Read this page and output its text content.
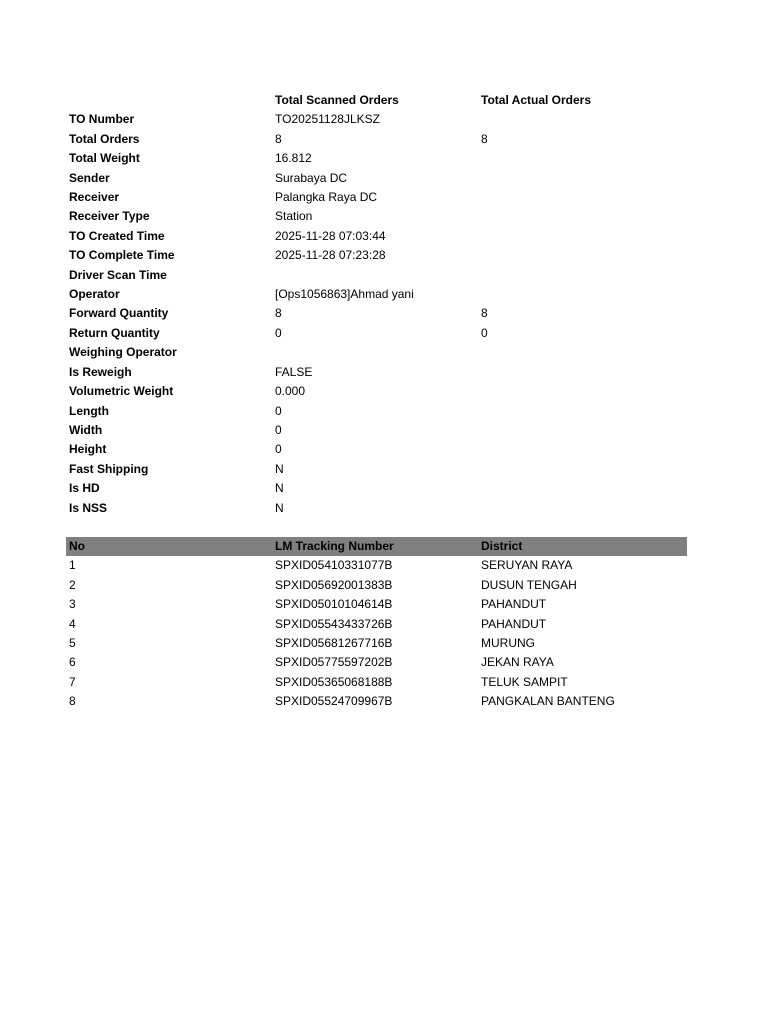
	Total Scanned Orders	Total Actual Orders
TO Number	TO20251128JLKSZ	
Total Orders	8	8
Total Weight	16.812	
Sender	Surabaya DC	
Receiver	Palangka Raya DC	
Receiver Type	Station	
TO Created Time	2025-11-28 07:03:44	
TO Complete Time	2025-11-28 07:23:28	
Driver Scan Time		
Operator	[Ops1056863]Ahmad yani	
Forward Quantity	8	8
Return Quantity	0	0
Weighing Operator		
Is Reweigh	FALSE	
Volumetric Weight	0.000	
Length	0	
Width	0	
Height	0	
Fast Shipping	N	
Is HD	N	
Is NSS	N	
No	LM Tracking Number	District	
1	SPXID05410331077B	SERUYAN RAYA	
2	SPXID05692001383B	DUSUN TENGAH	
3	SPXID05010104614B	PAHANDUT	
4	SPXID05543433726B	PAHANDUT	
5	SPXID05681267716B	MURUNG	
6	SPXID05775597202B	JEKAN RAYA	
7	SPXID05365068188B	TELUK SAMPIT	
8	SPXID05524709967B	PANGKALAN BANTENG	
